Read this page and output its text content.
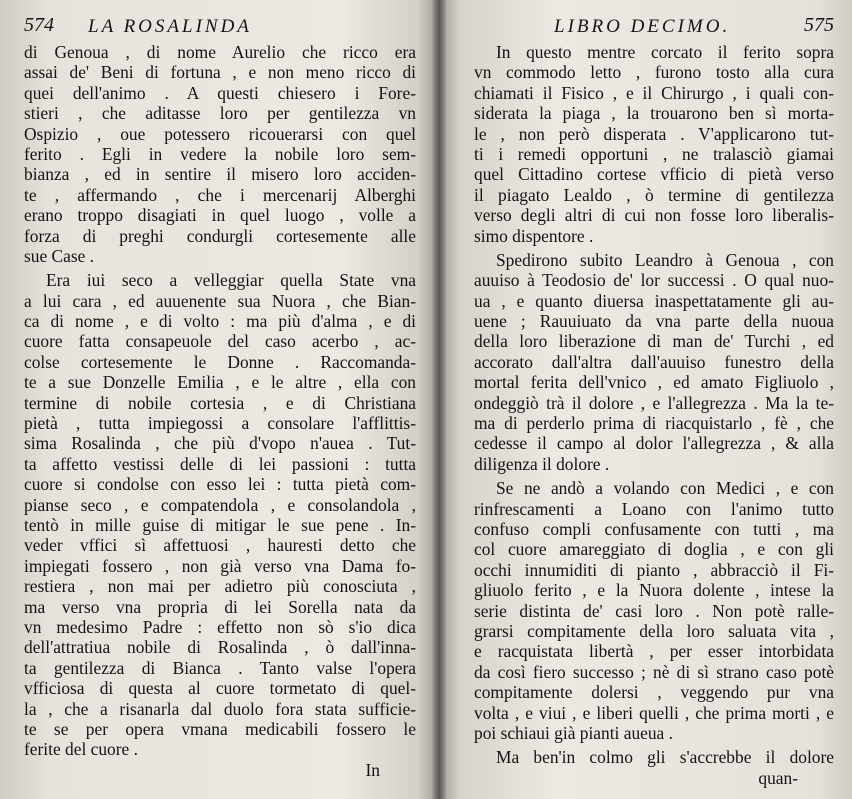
574 LA ROSALINDA
di Genoua , di nome Aurelio che ricco era
assai de' Beni di fortuna , e non meno ricco di
quei dell'animo . A questi chiesero i Fore-
stieri , che aditasse loro per gentilezza vn
Ospizio , oue potessero ricouerarsi con quel
ferito . Egli in vedere la nobile loro sem-
bianza , ed in sentire il misero loro acciden-
te , affermando , che i mercenarij Alberghi
erano troppo disagiati in quel luogo , volle a
forza di preghi condurgli cortesemente alle
sue Case .
Era iui seco a velleggiar quella State vna
a lui cara , ed auuenente sua Nuora , che Bian-
ca di nome , e di volto : ma più d'alma , e di
cuore fatta consapeuole del caso acerbo , ac-
colse cortesemente le Donne . Raccomanda-
te a sue Donzelle Emilia , e le altre , ella con
termine di nobile cortesia , e di Christiana
pietà , tutta impiegossi a consolare l'afflittis-
sima Rosalinda , che più d'vopo n'auea . Tut-
ta affetto vestissi delle di lei passioni : tutta
cuore si condolse con esso lei : tutta pietà com-
pianse seco , e compatendola , e consolandola ,
tentò in mille guise di mitigar le sue pene . In-
veder vffici sì affettuosi , hauresti detto che
impiegati fossero , non già verso vna Dama fo-
restiera , non mai per adietro più conosciuta ,
ma verso vna propria di lei Sorella nata da
vn medesimo Padre : effetto non sò s'io dica
dell'attratiua nobile di Rosalinda , ò dall'inna-
ta gentilezza di Bianca . Tanto valse l'opera
vfficiosa di questa al cuore tormetato di quel-
la , che a risanarla dal duolo fora stata sufficie-
te se per opera vmana medicabili fossero le
ferite del cuore .
In
LIBRO DECIMO.	575
In questo mentre corcato il ferito sopra
vn commodo letto , furono tosto alla cura
chiamati il Fisico , e il Chirurgo , i quali con-
siderata la piaga , la trouarono ben sì morta-
le , non però disperata . V'applicarono tut-
ti i remedi opportuni , ne tralasciò giamai
quel Cittadino cortese vfficio di pietà verso
il piagato Lealdo , ò termine di gentilezza
verso degli altri di cui non fosse loro liberalis-
simo dispentore .
Spedirono subito Leandro à Genoua , con
auuiso à Teodosio de' lor successi . O qual nuo-
ua , e quanto diuersa inaspettatamente gli au-
uene ; Rauuiuato da vna parte della nuoua
della loro liberazione di man de' Turchi , ed
accorato dall'altra dall'auuiso funestro della
mortal ferita dell'vnico , ed amato Figliuolo ,
ondeggiò trà il dolore , e l'allegrezza . Ma la te-
ma di perderlo prima di riacquistarlo , fè , che
cedesse il campo al dolor l'allegrezza , & alla
diligenza il dolore .
Se ne andò a volando con Medici , e con
rinfrescamenti a Loano con l'animo tutto
confuso compli confusamente con tutti , ma
col cuore amareggiato di doglia , e con gli
occhi innumiditi di pianto , abbracciò il Fi-
gliuolo ferito , e la Nuora dolente , intese la
serie distinta de' casi loro . Non potè ralle-
grarsi compitamente della loro saluata vita ,
e racquistata libertà , per esser intorbidata
da così fiero successo ; nè di sì strano caso potè
compitamente dolersi , veggendo pur vna
volta , e viui , e liberi quelli , che prima morti , e
poi schiaui già pianti aueua .
Ma ben'in colmo gli s'accrebbe il dolore
quan-
